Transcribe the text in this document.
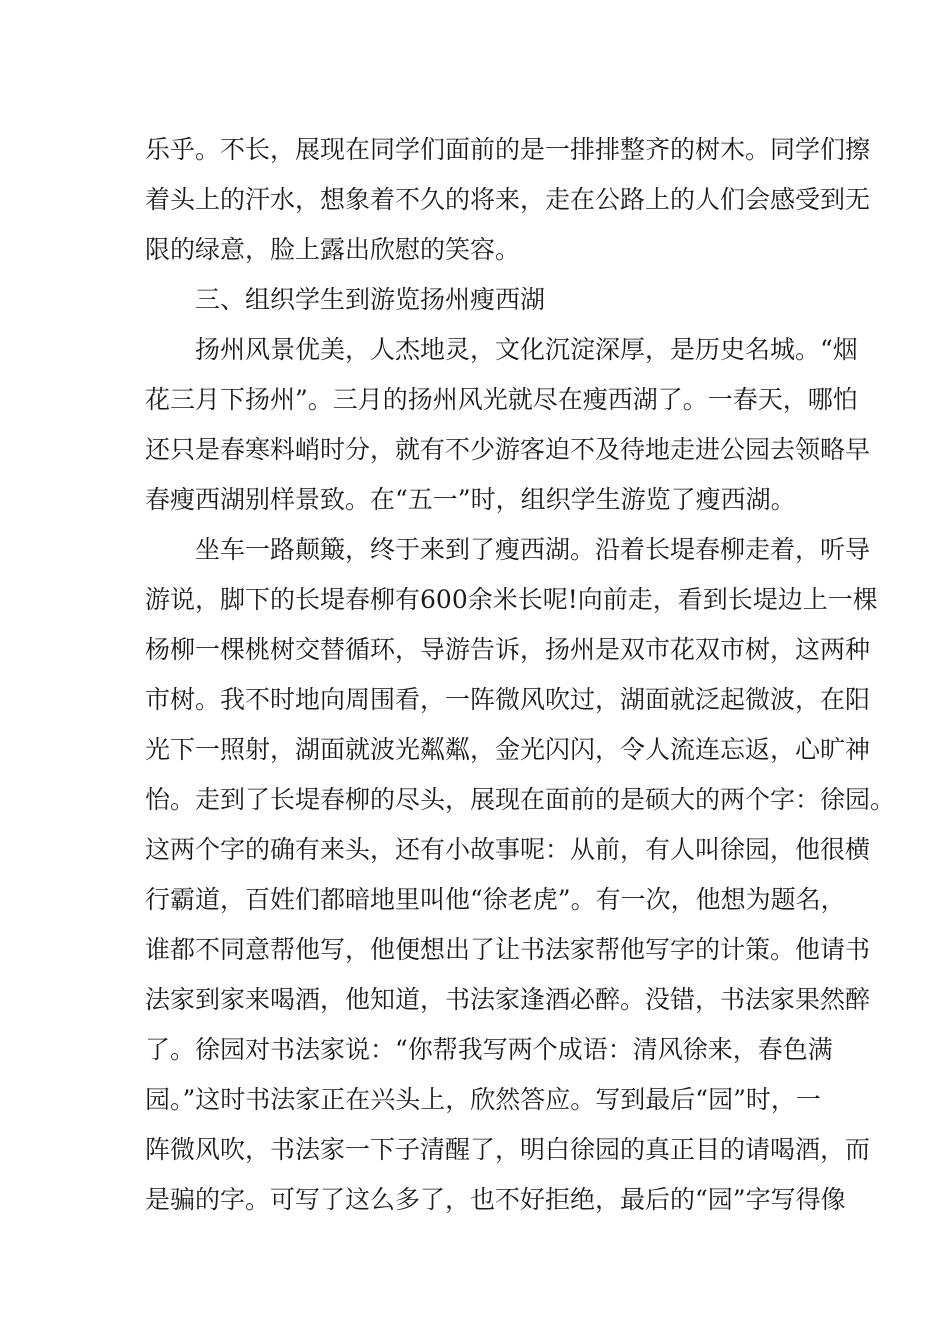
乐乎。不长，展现在同学们面前的是一排排整齐的树木。同学们擦
着头上的汗水，想象着不久的将来，走在公路上的人们会感受到无
限的绿意，脸上露出欣慰的笑容。
三、组织学生到游览扬州瘦西湖
扬州风景优美，人杰地灵，文化沉淀深厚，是历史名城。“烟
花三月下扬州”。三月的扬州风光就尽在瘦西湖了。一春天，哪怕
还只是春寒料峭时分，就有不少游客迫不及待地走进公园去领略早
春瘦西湖别样景致。在“五一”时，组织学生游览了瘦西湖。
坐车一路颠簸，终于来到了瘦西湖。沿着长堤春柳走着，听导
游说，脚下的长堤春柳有600余米长呢!向前走，看到长堤边上一棵
杨柳一棵桃树交替循环，导游告诉，扬州是双市花双市树，这两种
市树。我不时地向周围看，一阵微风吹过，湖面就泛起微波，在阳
光下一照射，湖面就波光粼粼，金光闪闪，令人流连忘返，心旷神
怡。走到了长堤春柳的尽头，展现在面前的是硕大的两个字：徐园。
这两个字的确有来头，还有小故事呢：从前，有人叫徐园，他很横
行霸道，百姓们都暗地里叫他“徐老虎”。有一次，他想为题名，
谁都不同意帮他写，他便想出了让书法家帮他写字的计策。他请书
法家到家来喝酒，他知道，书法家逢酒必醉。没错，书法家果然醉
了。徐园对书法家说：“你帮我写两个成语：清风徐来，春色满
园。”这时书法家正在兴头上，欣然答应。写到最后“园”时，一
阵微风吹，书法家一下子清醒了，明白徐园的真正目的请喝酒，而
是骗的字。可写了这么多了，也不好拒绝，最后的“园”字写得像
